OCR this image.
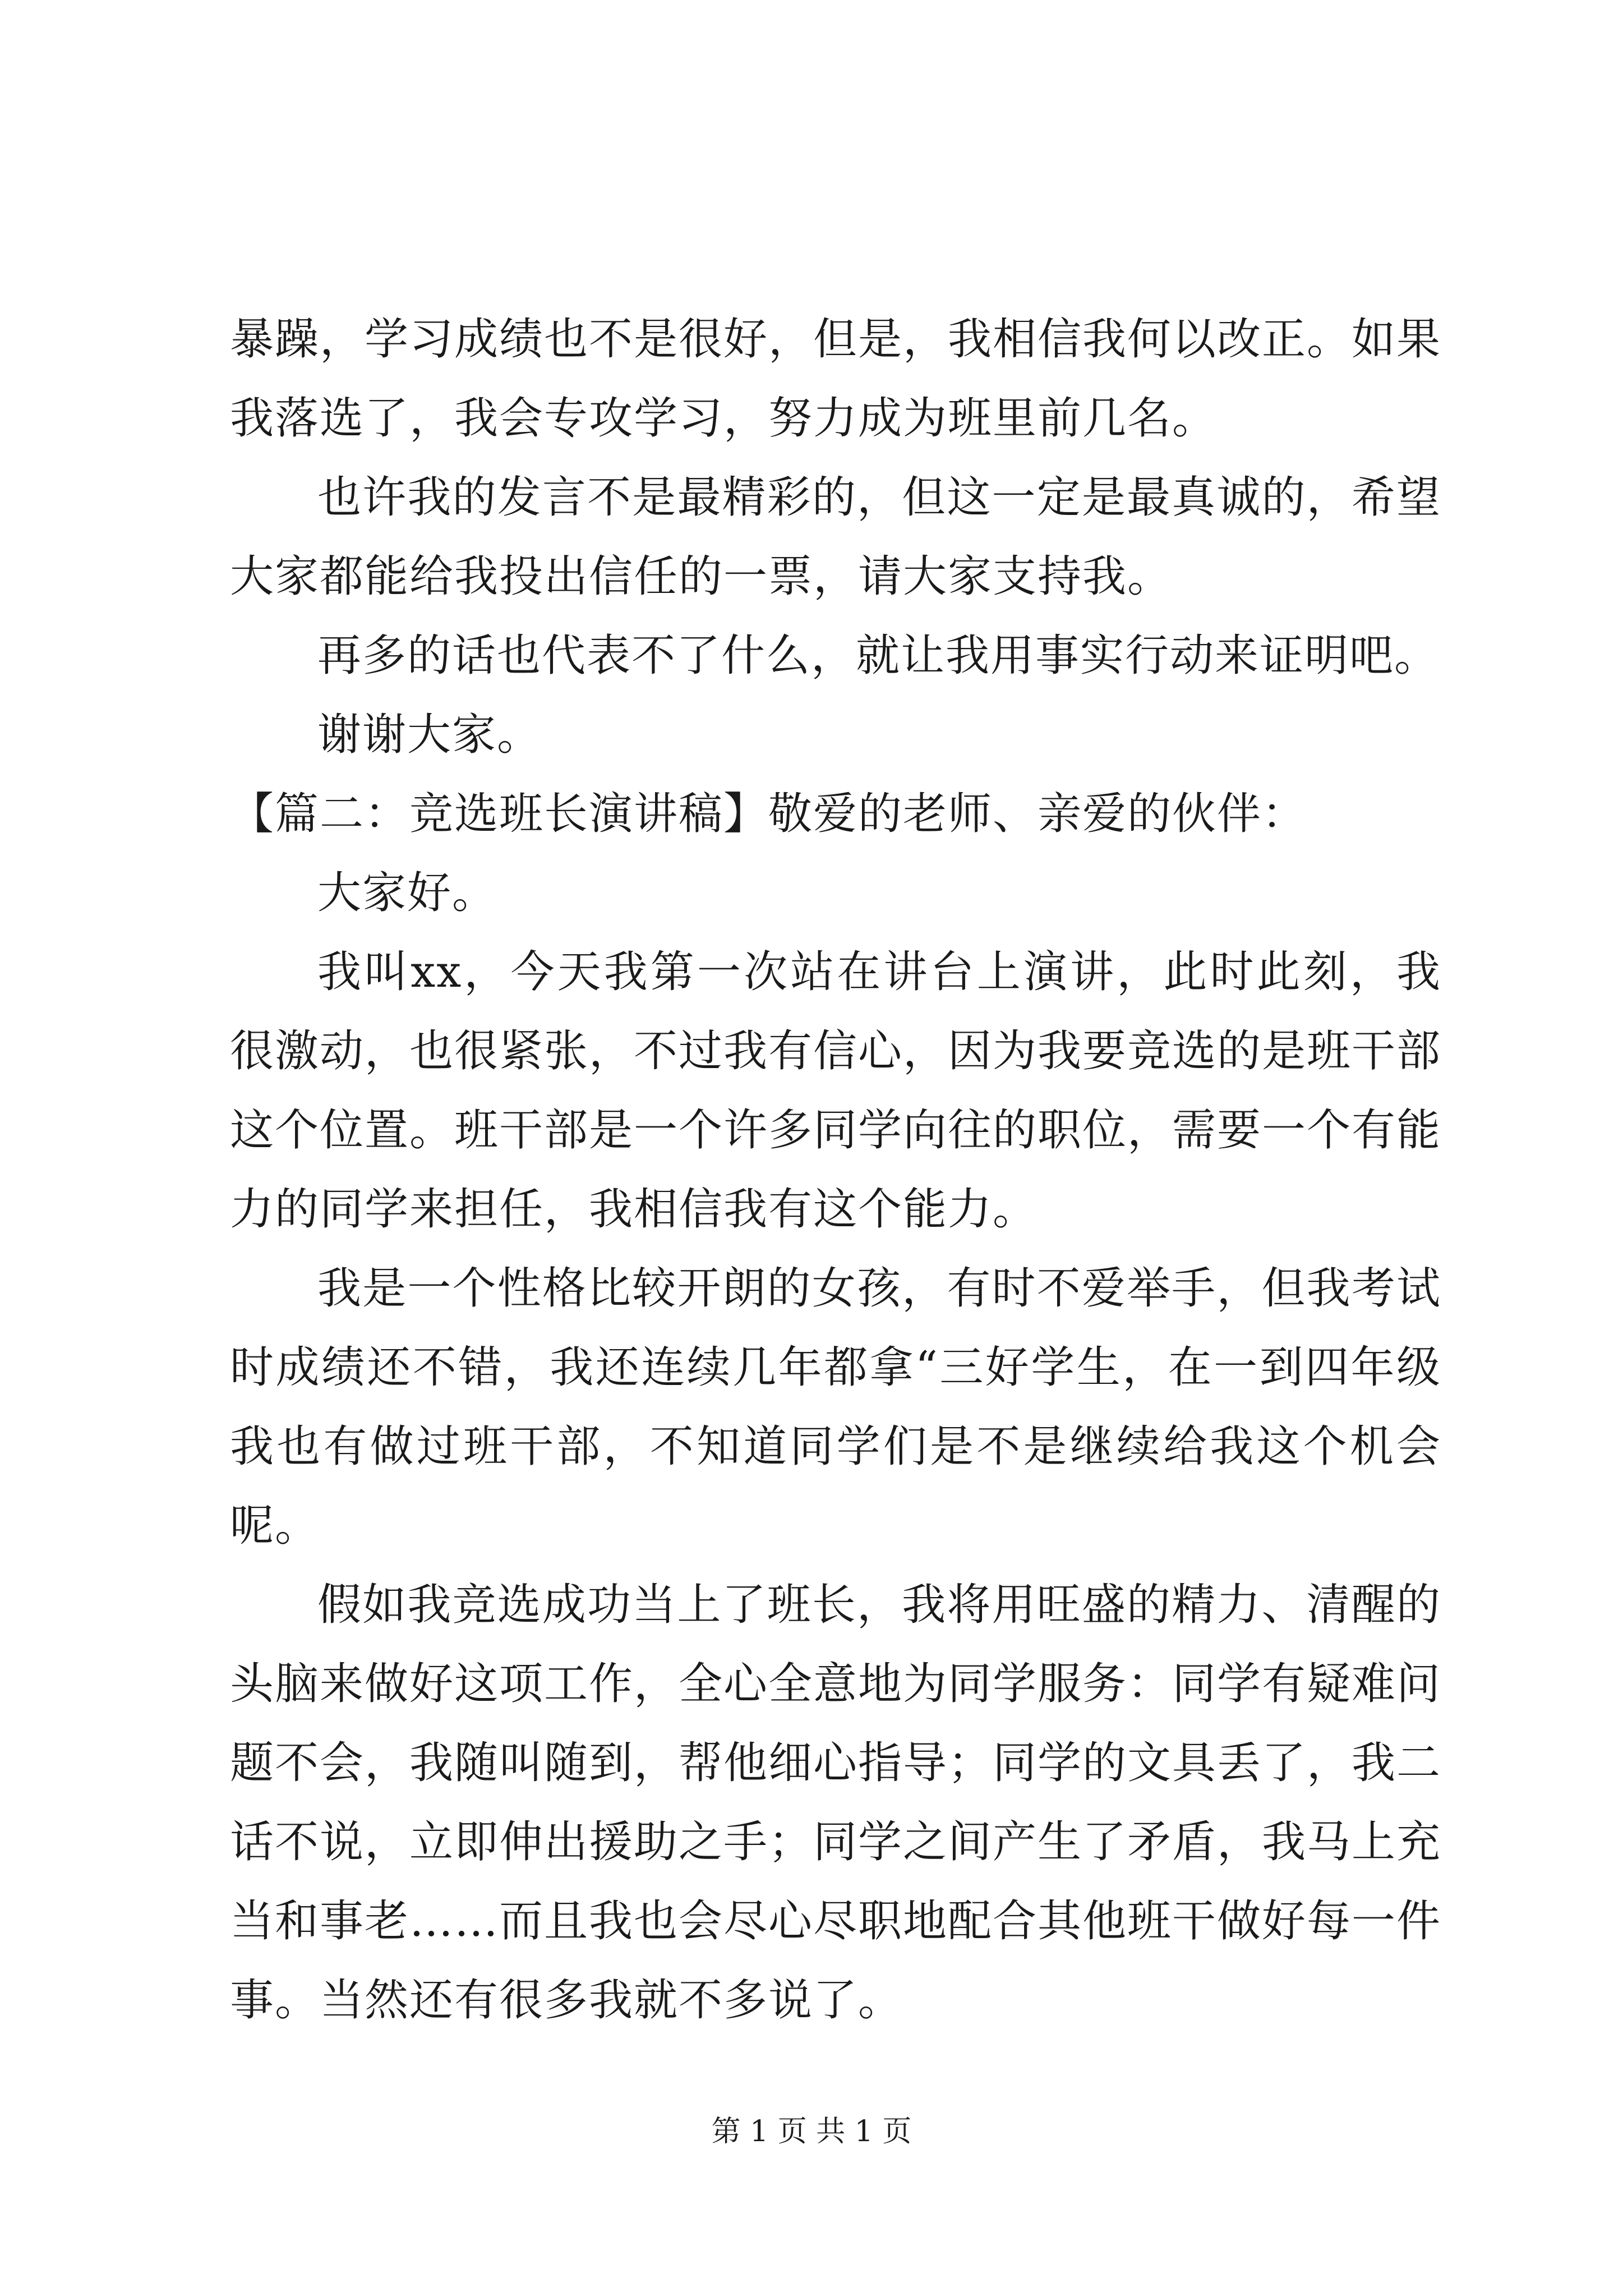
暴躁，学习成绩也不是很好，但是，我相信我何以改正。如果我落选了，我会专攻学习，努力成为班里前几名。

也许我的发言不是最精彩的，但这一定是最真诚的，希望大家都能给我投出信任的一票，请大家支持我。

再多的话也代表不了什么，就让我用事实行动来证明吧。

谢谢大家。

【篇二：竞选班长演讲稿】敬爱的老师、亲爱的伙伴：

大家好。

我叫xx，今天我第一次站在讲台上演讲，此时此刻，我很激动，也很紧张，不过我有信心，因为我要竞选的是班干部这个位置。班干部是一个许多同学向往的职位，需要一个有能力的同学来担任，我相信我有这个能力。

我是一个性格比较开朗的女孩，有时不爱举手，但我考试时成绩还不错，我还连续几年都拿“三好学生，在一到四年级我也有做过班干部，不知道同学们是不是继续给我这个机会呢。

假如我竞选成功当上了班长，我将用旺盛的精力、清醒的头脑来做好这项工作，全心全意地为同学服务：同学有疑难问题不会，我随叫随到，帮他细心指导；同学的文具丢了，我二话不说，立即伸出援助之手；同学之间产生了矛盾，我马上充当和事老……而且我也会尽心尽职地配合其他班干做好每一件事。当然还有很多我就不多说了。

第 1 页 共 1 页
